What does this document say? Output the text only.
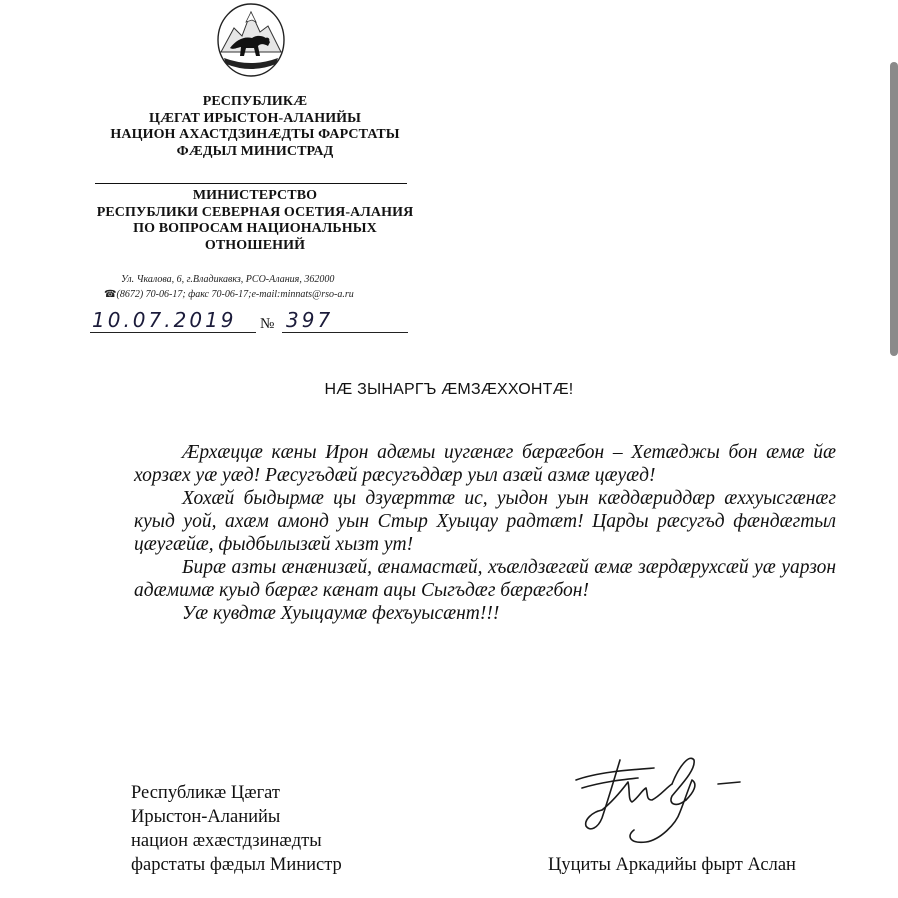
РЕСПУБЛИКÆ
ЦÆГАТ ИРЫСТОН-АЛАНИЙЫ
НАЦИОН АХАСТДЗИНÆДТЫ ФАРСТАТЫ
ФÆДЫЛ МИНИСТРАД
МИНИСТЕРСТВО
РЕСПУБЛИКИ СЕВЕРНАЯ ОСЕТИЯ-АЛАНИЯ
ПО ВОПРОСАМ НАЦИОНАЛЬНЫХ
ОТНОШЕНИЙ
Ул. Чкалова, 6, г.Владикавкз, РСО-Алания, 362000
☎ (8672) 70-06-17; факс 70-06-17;e-mail:minnats@rso-a.ru
10.07.2019 № 397
НÆ ЗЫНАРГЪ ÆМЗÆХХОНТÆ!

Æрхæццæ кæны Ирон адæмы иугæнæг бæрæгбон – Хетæджы бон æмæ йæ хорзæх уæ уæд! Рæсугъдæй рæсугъддæр уыл азæй азмæ цæуæд!

Хохæй быдырмæ цы дзуæрттæ ис, уыдон уын кæддæриддæр æххуысгæнæг куыд уой, ахæм амонд уын Стыр Хуыцау радтæт! Царды рæсугъд фæндæгтыл цæугæйæ, фыдбылызæй хызт ут!

Бирæ азты æнæнизæй, æнамастæй, хъæлдзæгæй æмæ зæрдæрухсæй уæ уарзон адæмимæ куыд бæрæг кæнат ацы Сыгъдæг бæрæгбон!

Уæ кувдтæ Хуыцаумæ фехъуысæнт!!!

Республикæ Цæгат
Ирыстон-Аланийы
национ æхæстдзинæдты
фарстаты фæдыл Министр	Цуциты Аркадийы фырт Аслан
